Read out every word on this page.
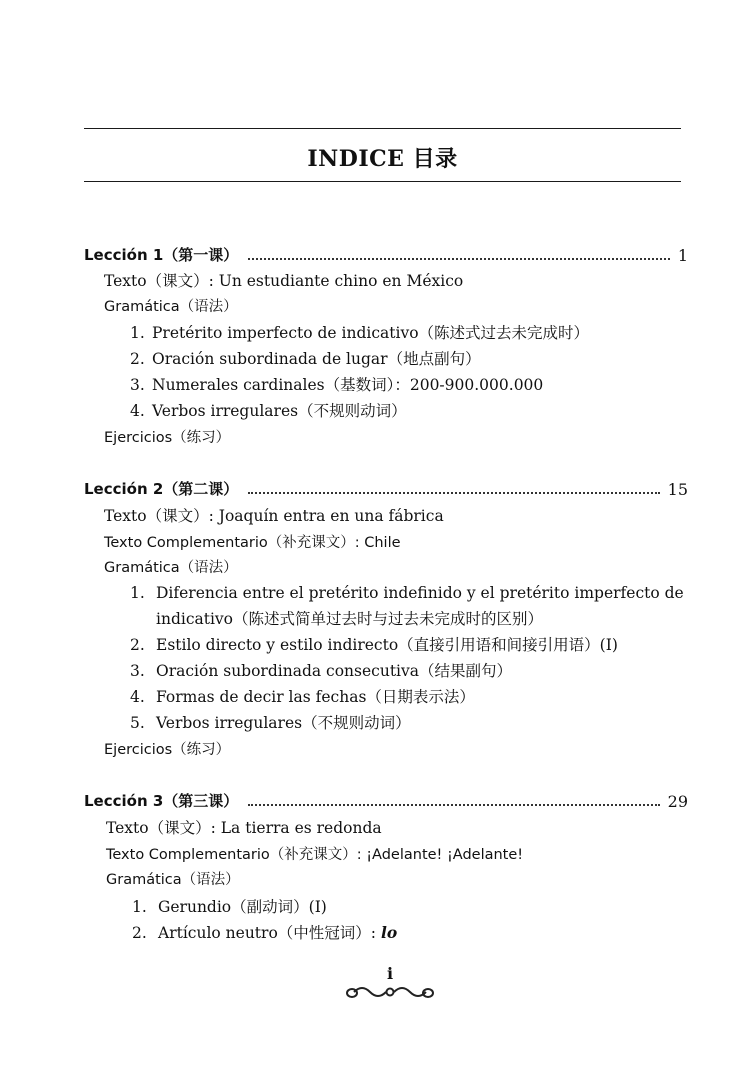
INDICE 目录
Lección 1（第一课）	1
Texto（课文）: Un estudiante chino en México
Gramática（语法）
1. Pretérito imperfecto de indicativo（陈述式过去未完成时）
2. Oración subordinada de lugar（地点副句）
3. Numerales cardinales（基数词）：200-900.000.000
4. Verbos irregulares（不规则动词）
Ejercicios（练习）
Lección 2（第二课）	15
Texto（课文）: Joaquín entra en una fábrica
Texto Complementario（补充课文）: Chile
Gramática（语法）
1. Diferencia entre el pretérito indefinido y el pretérito imperfecto de
indicativo（陈述式简单过去时与过去未完成时的区别）
2. Estilo directo y estilo indirecto（直接引用语和间接引用语）(I)
3. Oración subordinada consecutiva（结果副句）
4. Formas de decir las fechas（日期表示法）
5. Verbos irregulares（不规则动词）
Ejercicios（练习）
Lección 3（第三课）	29
Texto（课文）: La tierra es redonda
Texto Complementario（补充课文）: ¡Adelante! ¡Adelante!
Gramática（语法）
1. Gerundio（副动词）(I)
2. Artículo neutro（中性冠词）: lo
i
